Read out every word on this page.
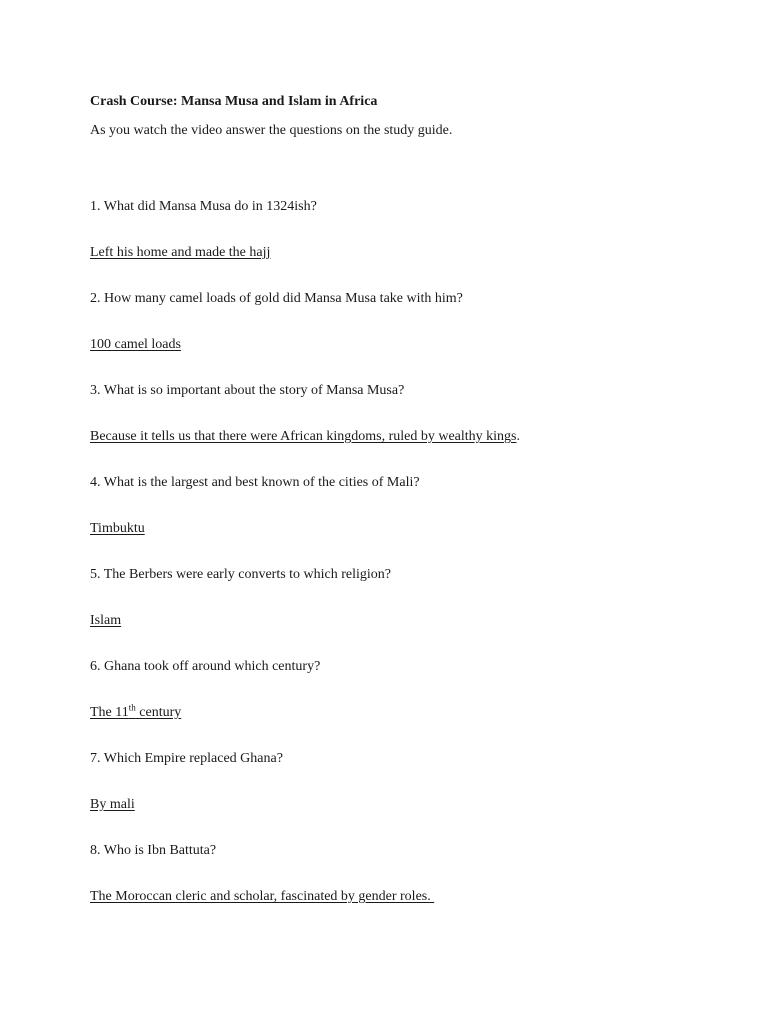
Crash Course: Mansa Musa and Islam in Africa
As you watch the video answer the questions on the study guide.
1. What did Mansa Musa do in 1324ish?
Left his home and made the hajj
2. How many camel loads of gold did Mansa Musa take with him?
100 camel loads
3. What is so important about the story of Mansa Musa?
Because it tells us that there were African kingdoms, ruled by wealthy kings.
4. What is the largest and best known of the cities of Mali?
Timbuktu
5. The Berbers were early converts to which religion?
Islam
6. Ghana took off around which century?
The 11th century
7. Which Empire replaced Ghana?
By mali
8. Who is Ibn Battuta?
The Moroccan cleric and scholar, fascinated by gender roles.
